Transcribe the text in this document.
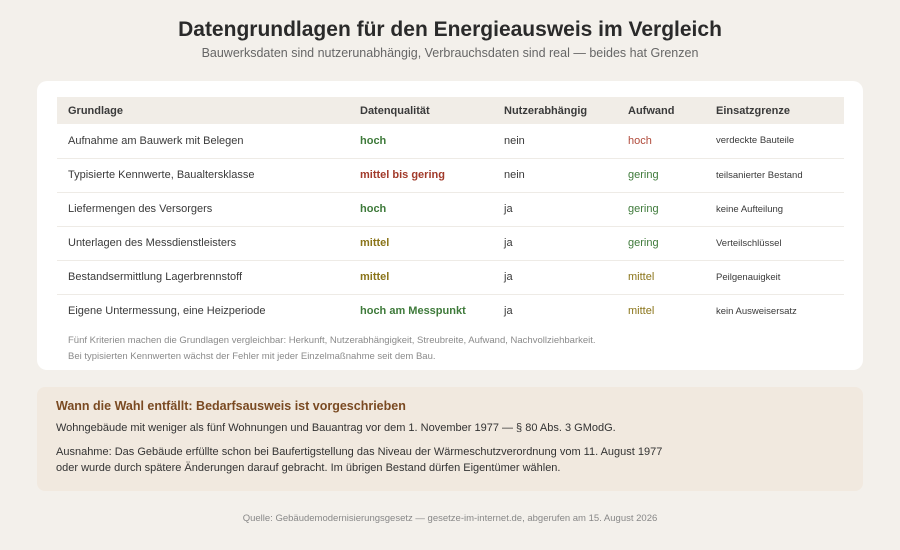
Datengrundlagen für den Energieausweis im Vergleich
Bauwerksdaten sind nutzerunabhängig, Verbrauchsdaten sind real — beides hat Grenzen
Grundlage	Datenqualität	Nutzerabhängig	Aufwand	Einsatzgrenze
Aufnahme am Bauwerk mit Belegen	hoch	nein	hoch	verdeckte Bauteile
Typisierte Kennwerte, Baualtersklasse	mittel bis gering	nein	gering	teilsanierter Bestand
Liefermengen des Versorgers	hoch	ja	gering	keine Aufteilung
Unterlagen des Messdienstleisters	mittel	ja	gering	Verteilschlüssel
Bestandsermittlung Lagerbrennstoff	mittel	ja	mittel	Peilgenauigkeit
Eigene Untermessung, eine Heizperiode	hoch am Messpunkt	ja	mittel	kein Ausweisersatz
Fünf Kriterien machen die Grundlagen vergleichbar: Herkunft, Nutzerabhängigkeit, Streubreite, Aufwand, Nachvollziehbarkeit.
Bei typisierten Kennwerten wächst der Fehler mit jeder Einzelmaßnahme seit dem Bau.
Wann die Wahl entfällt: Bedarfsausweis ist vorgeschrieben
Wohngebäude mit weniger als fünf Wohnungen und Bauantrag vor dem 1. November 1977 — § 80 Abs. 3 GModG.
Ausnahme: Das Gebäude erfüllte schon bei Baufertigstellung das Niveau der Wärmeschutzverordnung vom 11. August 1977
oder wurde durch spätere Änderungen darauf gebracht. Im übrigen Bestand dürfen Eigentümer wählen.
Quelle: Gebäudemodernisierungsgesetz — gesetze-im-internet.de, abgerufen am 15. August 2026
